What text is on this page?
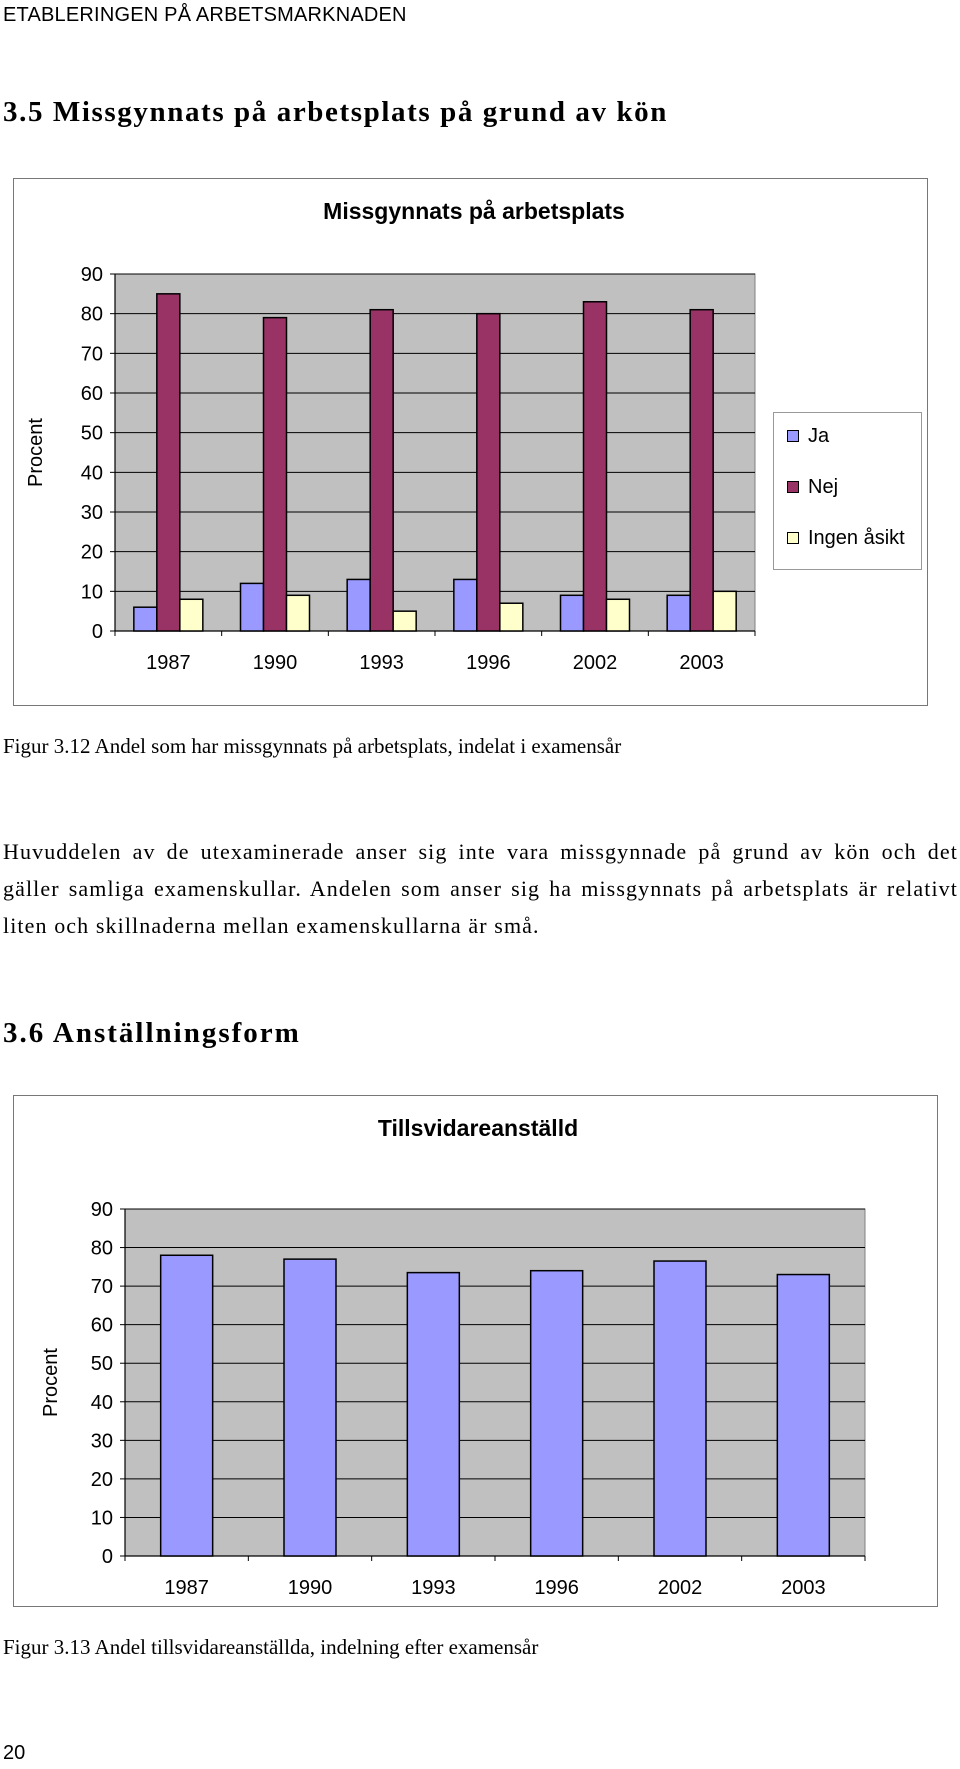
ETABLERINGEN PÅ ARBETSMARKNADEN
3.5 Missgynnats på arbetsplats på grund av kön
Missgynnats på arbetsplats
0
10
20
30
40
50
60
70
80
90
Procent
1987	1990	1993	1996	2002	2003
Ja
Nej
Ingen åsikt
Figur 3.12 Andel som har missgynnats på arbetsplats, indelat i examensår

Huvuddelen av de utexaminerade anser sig inte vara missgynnade på grund av kön och det gäller samliga examenskullar. Andelen som anser sig ha missgynnats på arbetsplats är relativt liten och skillnaderna mellan examenskullarna är små.

3.6 Anställningsform
Tillsvidareanställd
0
10
20
30
40
50
60
70
80
90
Procent
1987	1990	1993	1996	2002	2003
Figur 3.13 Andel tillsvidareanställda, indelning efter examensår
20
